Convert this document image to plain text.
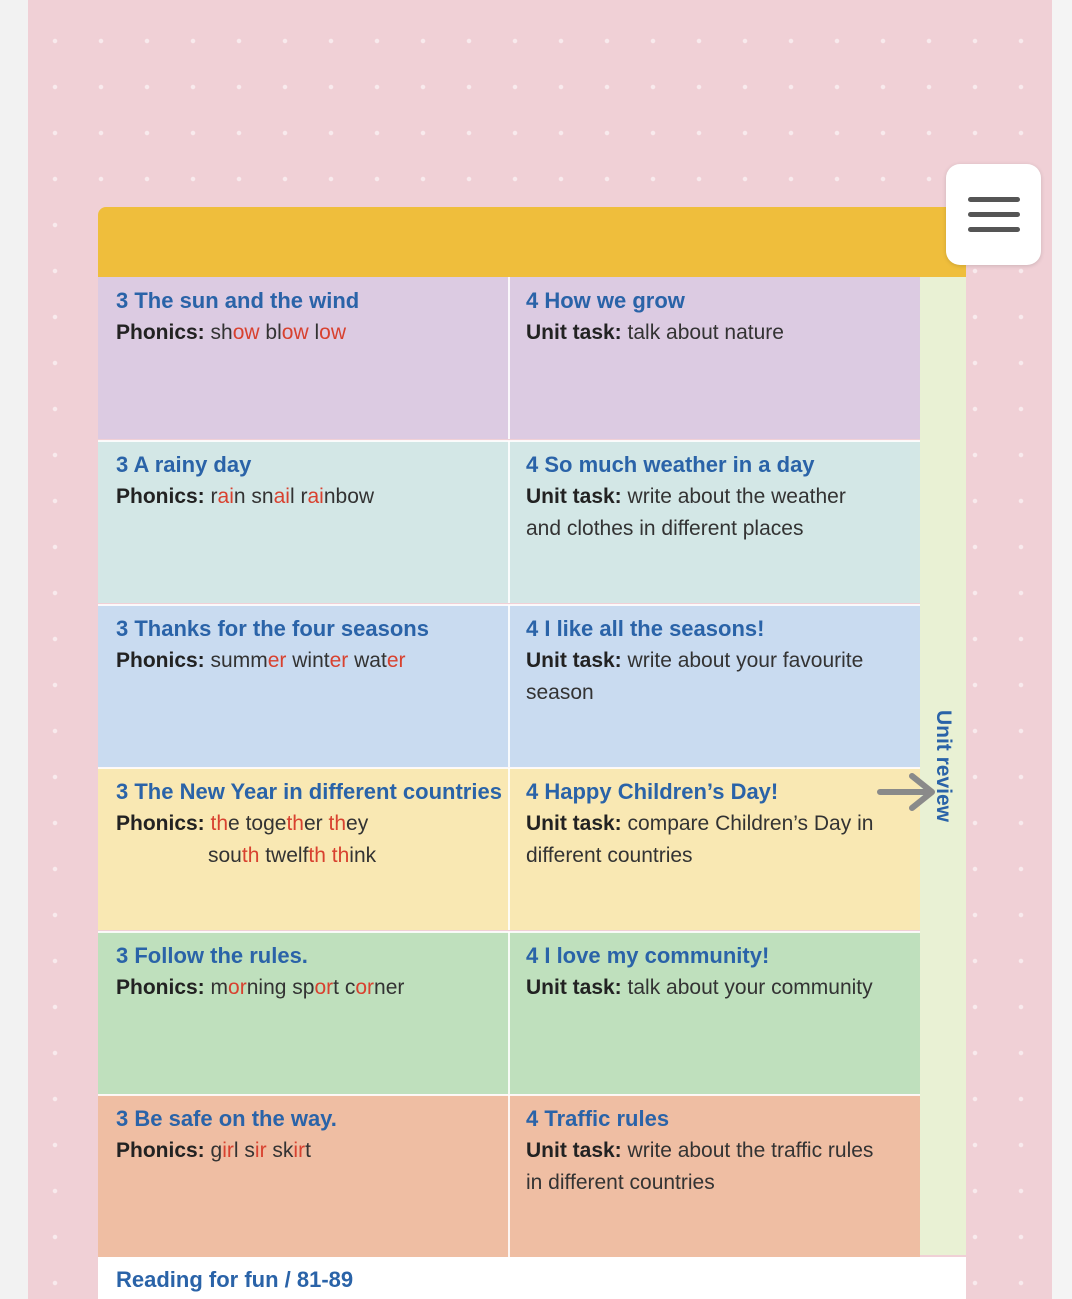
3 The sun and the wind
Phonics: show blow low
4 How we grow
Unit task: talk about nature
3 A rainy day
Phonics: rain snail rainbow
4 So much weather in a day
Unit task: write about the weather
and clothes in different places
3 Thanks for the four seasons
Phonics: summer winter water
4 I like all the seasons!
Unit task: write about your favourite
season
3 The New Year in different countries
Phonics: the together they
south twelfth think
4 Happy Children’s Day!
Unit task: compare Children’s Day in
different countries
3 Follow the rules.
Phonics: morning sport corner
4 I love my community!
Unit task: talk about your community
3 Be safe on the way.
Phonics: girl sir skirt
4 Traffic rules
Unit task: write about the traffic rules
in different countries
Unit review
Reading for fun / 81-89
